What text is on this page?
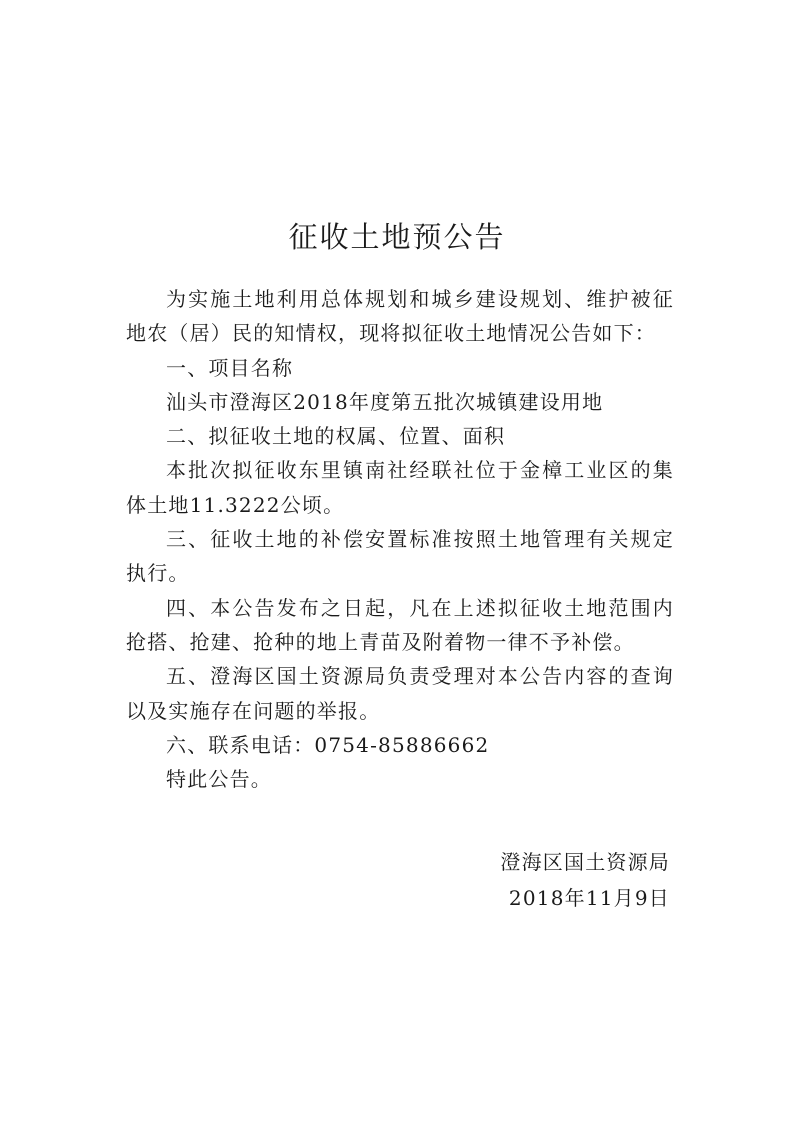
征收土地预公告

为实施土地利用总体规划和城乡建设规划、维护被征地农（居）民的知情权，现将拟征收土地情况公告如下：

一、项目名称

汕头市澄海区2018年度第五批次城镇建设用地

二、拟征收土地的权属、位置、面积

本批次拟征收东里镇南社经联社位于金樟工业区的集体土地11.3222公顷。

三、征收土地的补偿安置标准按照土地管理有关规定执行。

四、本公告发布之日起，凡在上述拟征收土地范围内抢搭、抢建、抢种的地上青苗及附着物一律不予补偿。

五、澄海区国土资源局负责受理对本公告内容的查询以及实施存在问题的举报。

六、联系电话：0754-85886662

特此公告。

澄海区国土资源局
2018年11月9日
